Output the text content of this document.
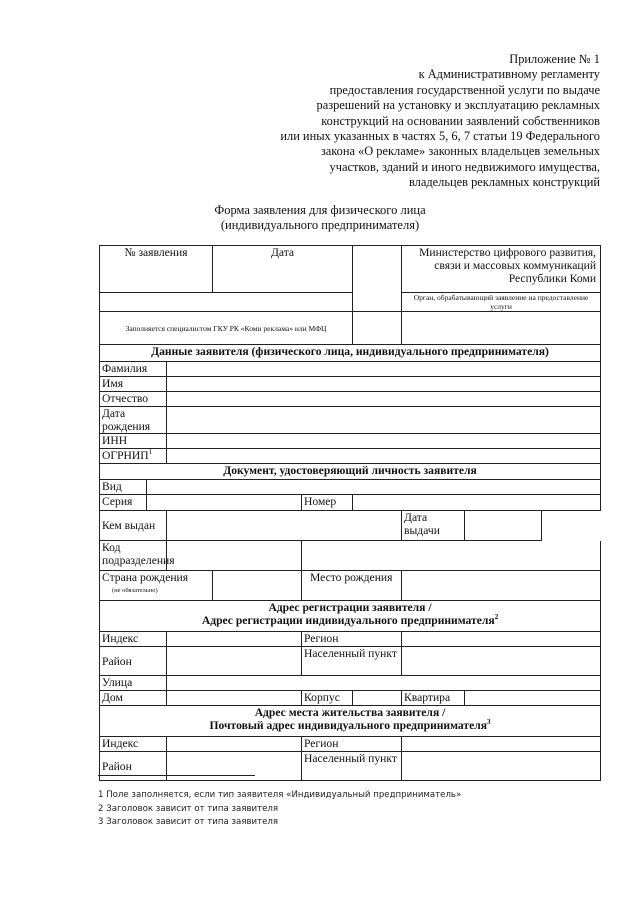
Приложение № 1
к Административному регламенту
предоставления государственной услуги по выдаче
разрешений на установку и эксплуатацию рекламных
конструкций на основании заявлений собственников
или иных указанных в частях 5, 6, 7 статьи 19 Федерального
закона «О рекламе» законных владельцев земельных
участков, зданий и иного недвижимого имущества,
владельцев рекламных конструкций
Форма заявления для физического лица
(индивидуального предпринимателя)
№ заявления			Дата			Министерство цифрового развития, связи и массовых коммуникаций Республики Коми		
						Орган, обрабатывающий заявление на предоставление услуги		
Заполняется специалистом ГКУ РК «Коми реклама» или МФЦ								
Данные заявителя (физического лица, индивидуального предпринимателя)								
Фамилия								
Имя								
Отчество								
Дата рождения								
ИНН								
ОГРНИП$^1$	
Документ, удостоверяющий личность заявителя								
Вид								
Серия				Номер				
Кем выдан						Дата выдачи		
Код подразделения								

Страна рождения
(не обязательно)				Место рождения				

Адрес регистрации заявителя /
Адрес регистрации индивидуального предпринимателя$^2$

Индекс				Регион				
Район				Населенный пункт				
Улица								
Дом				Корпус		Квартира		

Адрес места жительства заявителя /
Почтовый адрес индивидуального предпринимателя$^3$

Индекс				Регион				
Район				Населенный пункт				
1 Поле заполняется, если тип заявителя «Индивидуальный предприниматель»
2 Заголовок зависит от типа заявителя
3 Заголовок зависит от типа заявителя
